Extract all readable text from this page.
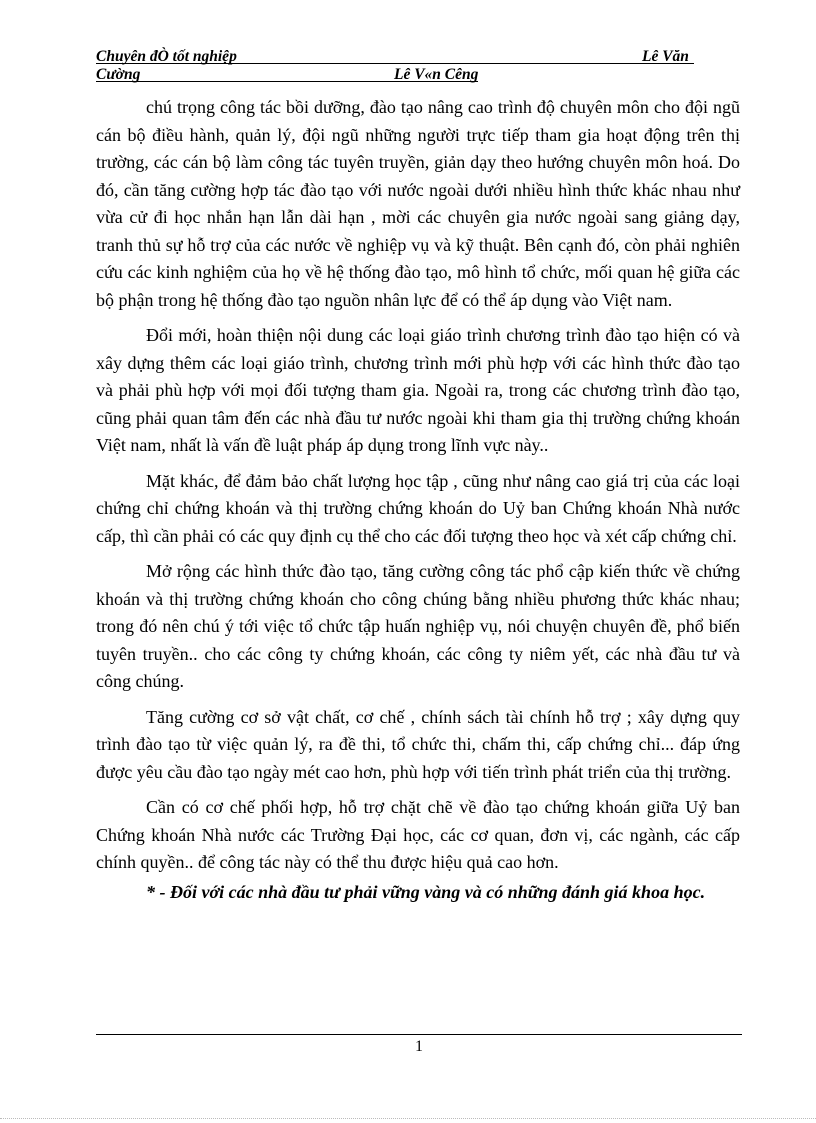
Chuyên đÒ tốt nghiệp	Lê Văn
Cường	Lê V«n Cêng

chú trọng công tác bồi dưỡng, đào tạo nâng cao trình độ chuyên môn cho đội ngũ cán bộ điều hành, quản lý, đội ngũ những người trực tiếp tham gia hoạt động trên thị trường, các cán bộ làm công tác tuyên truyền, giản dạy theo hướng chuyên môn hoá. Do đó, cần tăng cường hợp tác đào tạo với nước ngoài dưới nhiều hình thức khác nhau như vừa cử đi học nhắn hạn lẫn dài hạn , mời các chuyên gia nước ngoài sang giảng dạy, tranh thủ sự hỗ trợ của các nước về nghiệp vụ và kỹ thuật. Bên cạnh đó, còn phải nghiên cứu các kinh nghiệm của họ về hệ thống đào tạo, mô hình tổ chức, mối quan hệ giữa các bộ phận trong hệ thống đào tạo nguồn nhân lực để có thể áp dụng vào Việt nam.

Đổi mới, hoàn thiện nội dung các loại giáo trình chương trình đào tạo hiện có và xây dựng thêm các loại giáo trình, chương trình mới phù hợp với các hình thức đào tạo và phải phù hợp với mọi đối tượng tham gia. Ngoài ra, trong các chương trình đào tạo, cũng phải quan tâm đến các nhà đầu tư nước ngoài khi tham gia thị trường chứng khoán Việt nam, nhất là vấn đề luật pháp áp dụng trong lĩnh vực này..

Mặt khác, để đảm bảo chất lượng học tập , cũng như nâng cao giá trị của các loại chứng chỉ chứng khoán và thị trường chứng khoán do Uỷ ban Chứng khoán Nhà nước cấp, thì cần phải có các quy định cụ thể cho các đối tượng theo học và xét cấp chứng chỉ.

Mở rộng các hình thức đào tạo, tăng cường công tác phổ cập kiến thức về chứng khoán và thị trường chứng khoán cho công chúng bằng nhiều phương thức khác nhau; trong đó nên chú ý tới việc tổ chức tập huấn nghiệp vụ, nói chuyện chuyên đề, phổ biến tuyên truyền.. cho các công ty chứng khoán, các công ty niêm yết, các nhà đầu tư và công chúng.

Tăng cường cơ sở vật chất, cơ chế , chính sách tài chính hỗ trợ ; xây dựng quy trình đào tạo từ việc quản lý, ra đề thi, tổ chức thi, chấm thi, cấp chứng chỉ... đáp ứng được yêu cầu đào tạo ngày mét cao hơn, phù hợp với tiến trình phát triển của thị trường.

Cần có cơ chế phối hợp, hỗ trợ chặt chẽ về đào tạo chứng khoán giữa Uỷ ban Chứng khoán Nhà nước các Trường Đại học, các cơ quan, đơn vị, các ngành, các cấp chính quyền.. để công tác này có thể thu được hiệu quả cao hơn.

* - Đối với các nhà đầu tư phải vững vàng và có những đánh giá khoa học.

1
